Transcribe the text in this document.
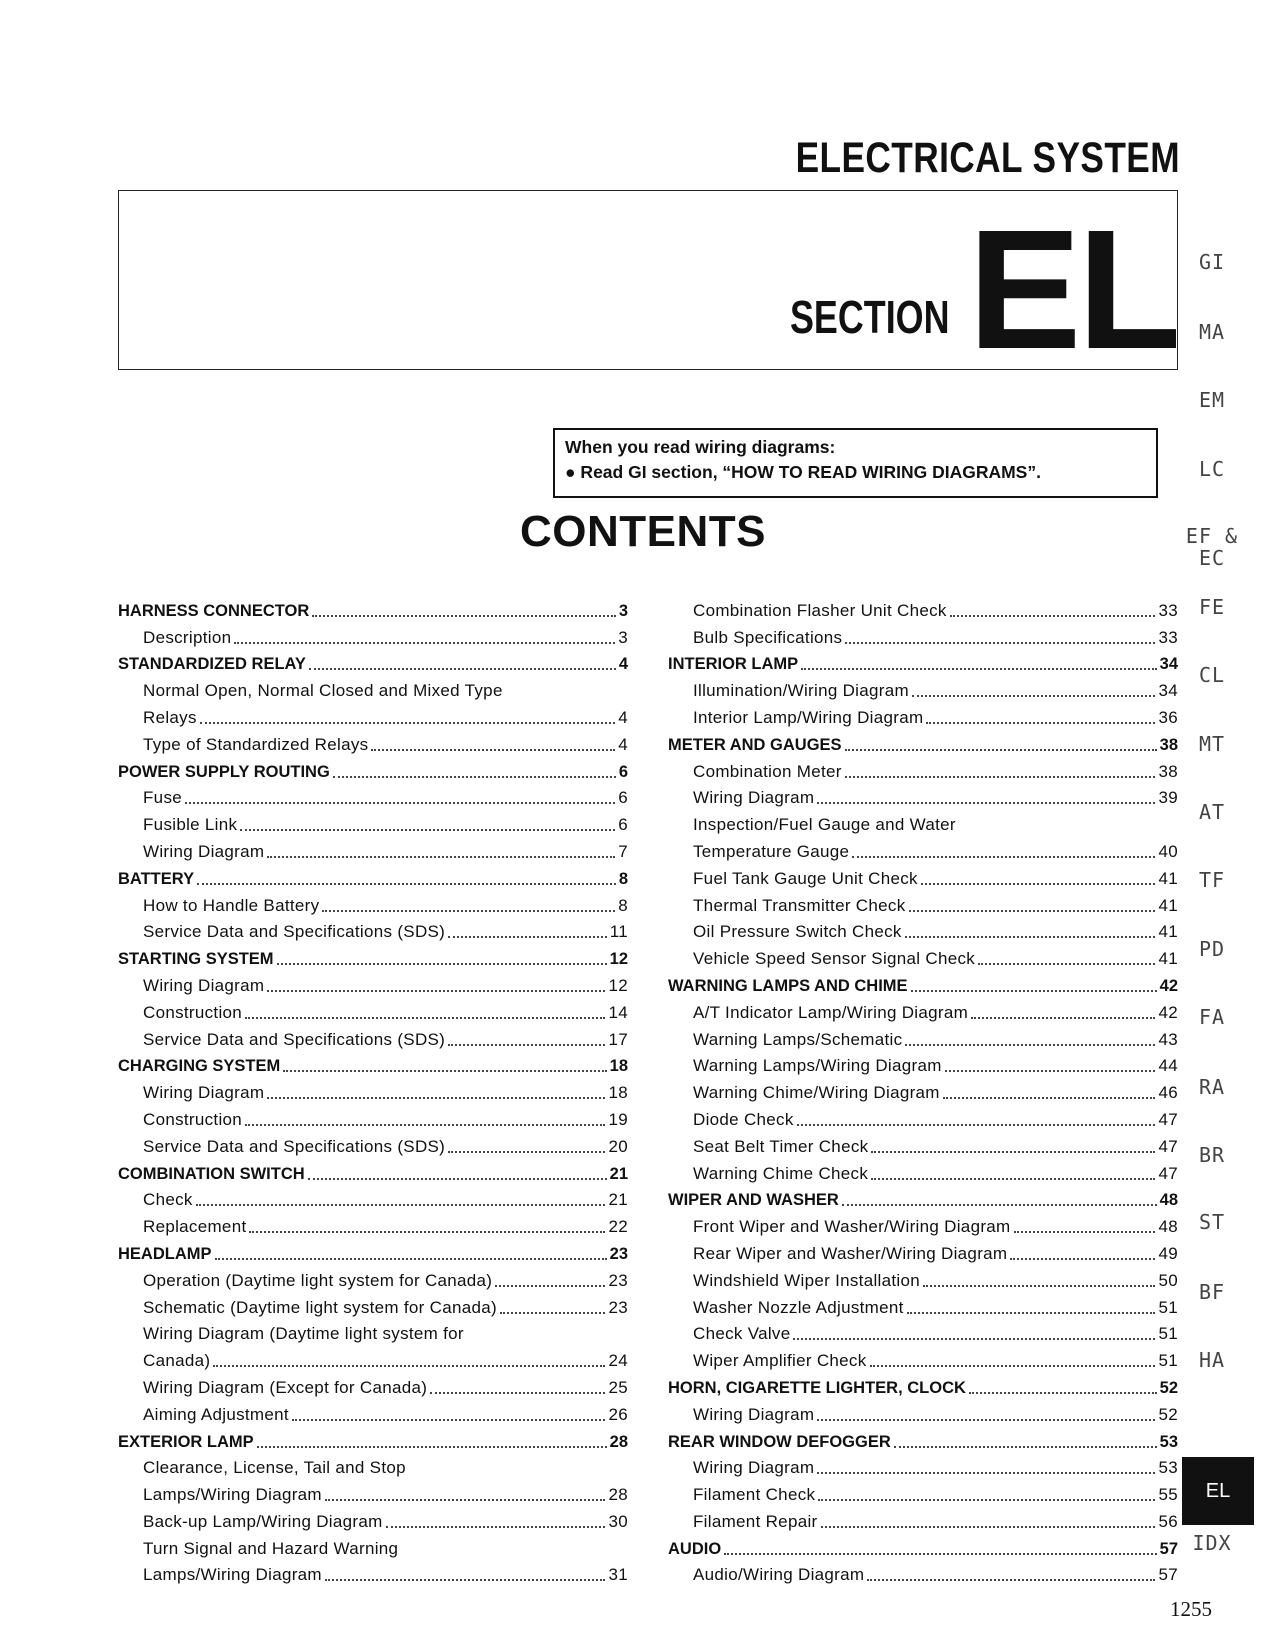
ELECTRICAL SYSTEM
SECTION EL
When you read wiring diagrams:
● Read GI section, “HOW TO READ WIRING DIAGRAMS”.
CONTENTS
HARNESS CONNECTOR	3
Description	3
STANDARDIZED RELAY	4
Normal Open, Normal Closed and Mixed Type
Relays	4
Type of Standardized Relays	4
POWER SUPPLY ROUTING	6
Fuse	6
Fusible Link	6
Wiring Diagram	7
BATTERY	8
How to Handle Battery	8
Service Data and Specifications (SDS)	11
STARTING SYSTEM	12
Wiring Diagram	12
Construction	14
Service Data and Specifications (SDS)	17
CHARGING SYSTEM	18
Wiring Diagram	18
Construction	19
Service Data and Specifications (SDS)	20
COMBINATION SWITCH	21
Check	21
Replacement	22
HEADLAMP	23
Operation (Daytime light system for Canada)	23
Schematic (Daytime light system for Canada)	23
Wiring Diagram (Daytime light system for
Canada)	24
Wiring Diagram (Except for Canada)	25
Aiming Adjustment	26
EXTERIOR LAMP	28
Clearance, License, Tail and Stop
Lamps/Wiring Diagram	28
Back-up Lamp/Wiring Diagram	30
Turn Signal and Hazard Warning
Lamps/Wiring Diagram	31
Combination Flasher Unit Check	33
Bulb Specifications	33
INTERIOR LAMP	34
Illumination/Wiring Diagram	34
Interior Lamp/Wiring Diagram	36
METER AND GAUGES	38
Combination Meter	38
Wiring Diagram	39
Inspection/Fuel Gauge and Water
Temperature Gauge	40
Fuel Tank Gauge Unit Check	41
Thermal Transmitter Check	41
Oil Pressure Switch Check	41
Vehicle Speed Sensor Signal Check	41
WARNING LAMPS AND CHIME	42
A/T Indicator Lamp/Wiring Diagram	42
Warning Lamps/Schematic	43
Warning Lamps/Wiring Diagram	44
Warning Chime/Wiring Diagram	46
Diode Check	47
Seat Belt Timer Check	47
Warning Chime Check	47
WIPER AND WASHER	48
Front Wiper and Washer/Wiring Diagram	48
Rear Wiper and Washer/Wiring Diagram	49
Windshield Wiper Installation	50
Washer Nozzle Adjustment	51
Check Valve	51
Wiper Amplifier Check	51
HORN, CIGARETTE LIGHTER, CLOCK	52
Wiring Diagram	52
REAR WINDOW DEFOGGER	53
Wiring Diagram	53
Filament Check	55
Filament Repair	56
AUDIO	57
Audio/Wiring Diagram	57
GI
MA
EM
LC
EF & EC
FE
CL
MT
AT
TF
PD
FA
RA
BR
ST
BF
HA
EL
IDX
1255
